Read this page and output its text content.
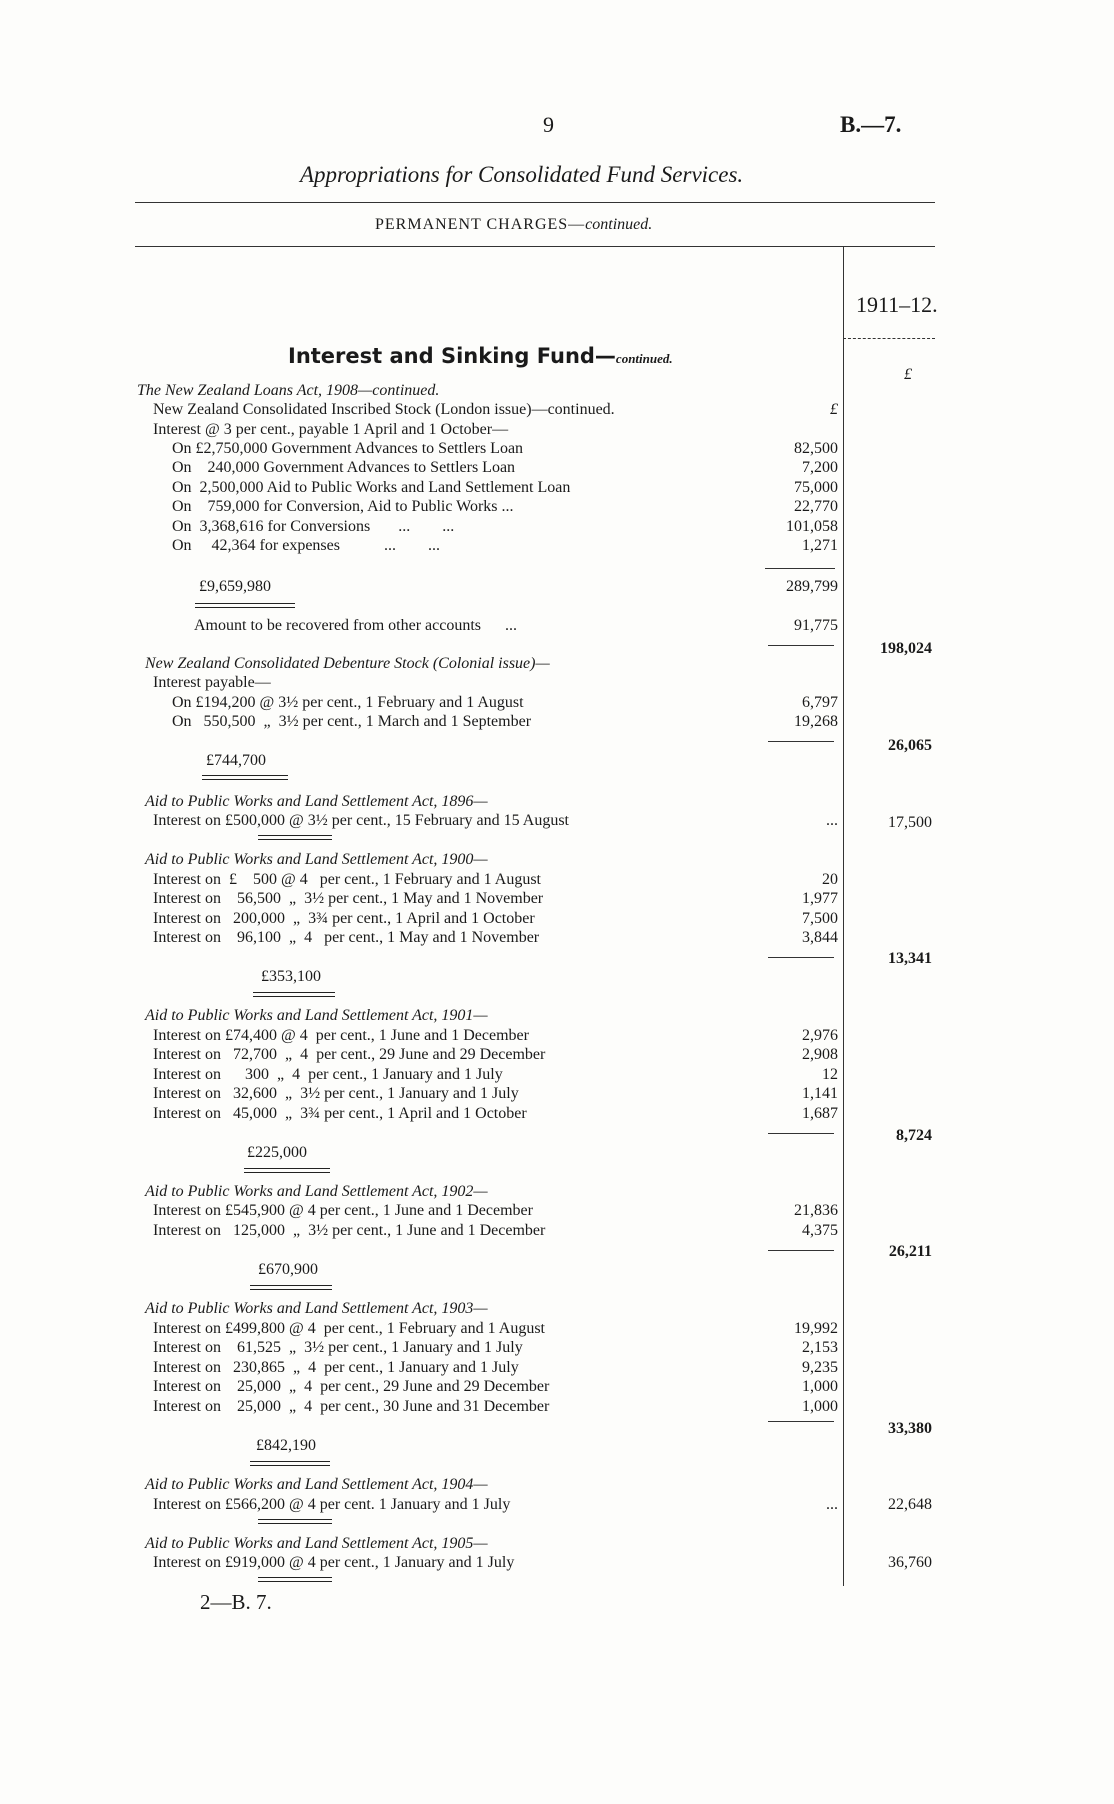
9	B.—7.
Appropriations for Consolidated Fund Services.
PERMANENT CHARGES—continued.
1911–12.
£
Interest and Sinking Fund—continued.
The New Zealand Loans Act, 1908—continued.
New Zealand Consolidated Inscribed Stock (London issue)—continued.
Interest @ 3 per cent., payable 1 April and 1 October—
On £2,750,000 Government Advances to Settlers Loan
On    240,000 Government Advances to Settlers Loan
On  2,500,000 Aid to Public Works and Land Settlement Loan
On    759,000 for Conversion, Aid to Public Works ...
On  3,368,616 for Conversions       ...        ...
On     42,364 for expenses           ...        ...
£9,659,980
Amount to be recovered from other accounts      ...
New Zealand Consolidated Debenture Stock (Colonial issue)—
Interest payable—
On £194,200 @ 3½ per cent., 1 February and 1 August
On   550,500  „  3½ per cent., 1 March and 1 September
£744,700
Aid to Public Works and Land Settlement Act, 1896—
Interest on £500,000 @ 3½ per cent., 15 February and 15 August
Aid to Public Works and Land Settlement Act, 1900—
Interest on  £    500 @ 4   per cent., 1 February and 1 August
Interest on    56,500  „  3½ per cent., 1 May and 1 November
Interest on   200,000  „  3¾ per cent., 1 April and 1 October
Interest on    96,100  „  4   per cent., 1 May and 1 November
£353,100
Aid to Public Works and Land Settlement Act, 1901—
Interest on £74,400 @ 4  per cent., 1 June and 1 December
Interest on   72,700  „  4  per cent., 29 June and 29 December
Interest on      300  „  4  per cent., 1 January and 1 July
Interest on   32,600  „  3½ per cent., 1 January and 1 July
Interest on   45,000  „  3¾ per cent., 1 April and 1 October
£225,000
Aid to Public Works and Land Settlement Act, 1902—
Interest on £545,900 @ 4 per cent., 1 June and 1 December
Interest on   125,000  „  3½ per cent., 1 June and 1 December
£670,900
Aid to Public Works and Land Settlement Act, 1903—
Interest on £499,800 @ 4  per cent., 1 February and 1 August
Interest on    61,525  „  3½ per cent., 1 January and 1 July
Interest on   230,865  „  4  per cent., 1 January and 1 July
Interest on    25,000  „  4  per cent., 29 June and 29 December
Interest on    25,000  „  4  per cent., 30 June and 31 December
£842,190
Aid to Public Works and Land Settlement Act, 1904—
Interest on £566,200 @ 4 per cent. 1 January and 1 July
Aid to Public Works and Land Settlement Act, 1905—
Interest on £919,000 @ 4 per cent., 1 January and 1 July
£
82,500
7,200
75,000
22,770
101,058
1,271
289,799
91,775
6,797
19,268
...
20
1,977
7,500
3,844
2,976
2,908
12
1,141
1,687
21,836
4,375
19,992
2,153
9,235
1,000
1,000
...
198,024
26,065
17,500
13,341
8,724
26,211
33,380
22,648
36,760
2—B. 7.
